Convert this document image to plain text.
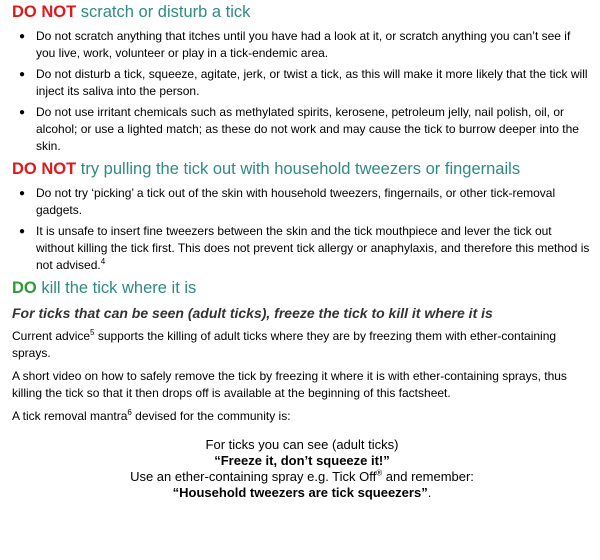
DO NOT scratch or disturb a tick
● Do not scratch anything that itches until you have had a look at it, or scratch anything you can’t see if you live, work, volunteer or play in a tick-endemic area.
● Do not disturb a tick, squeeze, agitate, jerk, or twist a tick, as this will make it more likely that the tick will inject its saliva into the person.
● Do not use irritant chemicals such as methylated spirits, kerosene, petroleum jelly, nail polish, oil, or alcohol; or use a lighted match; as these do not work and may cause the tick to burrow deeper into the skin.
DO NOT try pulling the tick out with household tweezers or fingernails
● Do not try ‘picking’ a tick out of the skin with household tweezers, fingernails, or other tick-removal gadgets.
● It is unsafe to insert fine tweezers between the skin and the tick mouthpiece and lever the tick out without killing the tick first. This does not prevent tick allergy or anaphylaxis, and therefore this method is not advised.$^4$
DO kill the tick where it is
For ticks that can be seen (adult ticks), freeze the tick to kill it where it is

Current advice$^5$ supports the killing of adult ticks where they are by freezing them with ether-containing sprays.

A short video on how to safely remove the tick by freezing it where it is with ether-containing sprays, thus killing the tick so that it then drops off is available at the beginning of this factsheet.

A tick removal mantra$^6$ devised for the community is:

For ticks you can see (adult ticks)
“Freeze it, don’t squeeze it!”
Use an ether-containing spray e.g. Tick Off® and remember:
“Household tweezers are tick squeezers”.
